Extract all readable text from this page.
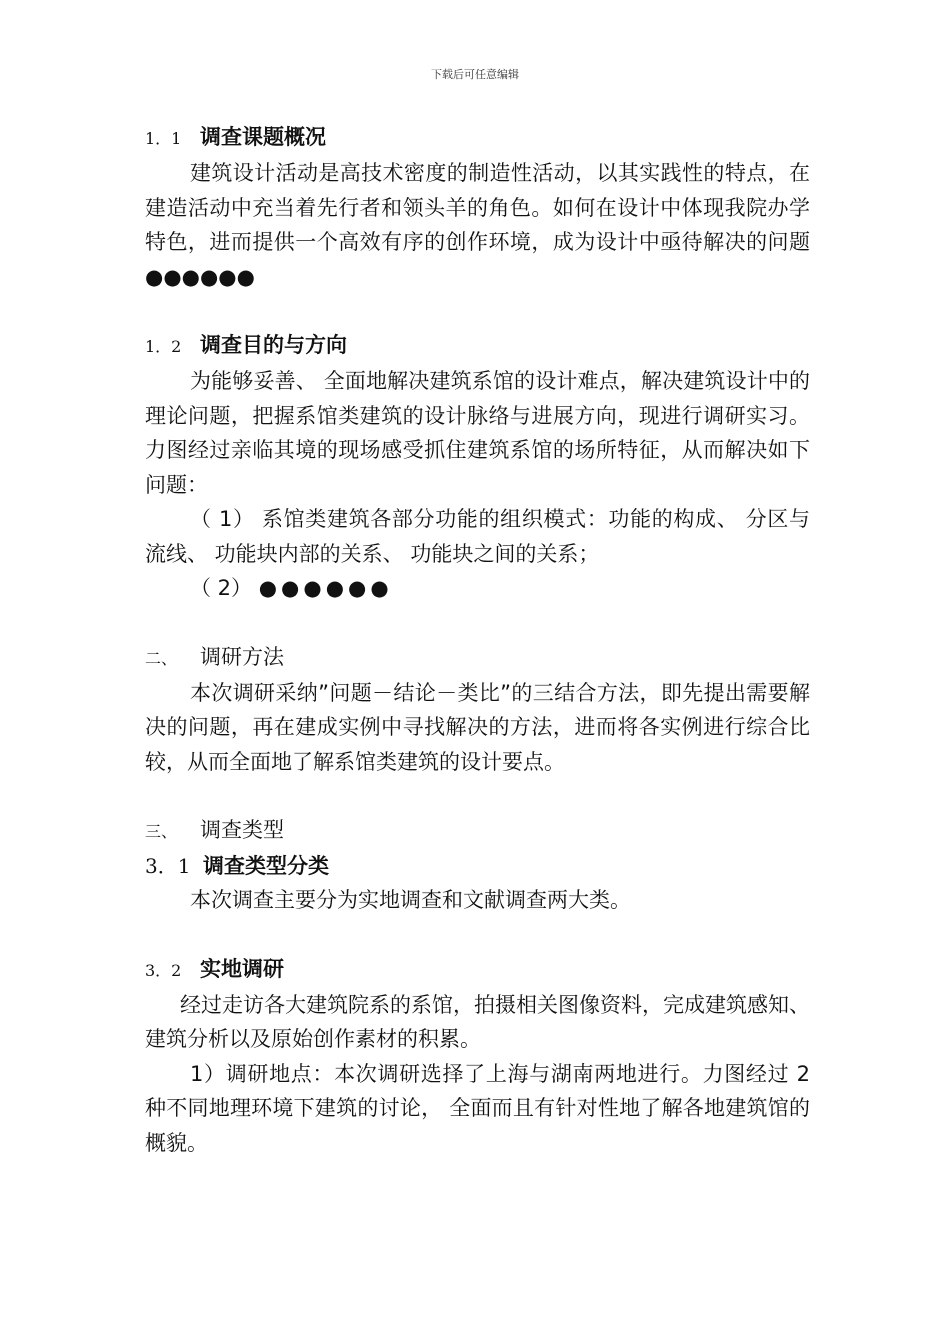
下载后可任意编辑
1．1 调查课题概况

建筑设计活动是高技术密度的制造性活动，以其实践性的特点，在建造活动中充当着先行者和领头羊的角色。如何在设计中体现我院办学特色，进而提供一个高效有序的创作环境，成为设计中亟待解决的问题●●●●●●

1．2 调查目的与方向

为能够妥善、 全面地解决建筑系馆的设计难点，解决建筑设计中的理论问题，把握系馆类建筑的设计脉络与进展方向，现进行调研实习。力图经过亲临其境的现场感受抓住建筑系馆的场所特征，从而解决如下问题：

（ 1） 系馆类建筑各部分功能的组织模式：功能的构成、 分区与流线、 功能块内部的关系、 功能块之间的关系；

（ 2） ●●●●●●

二、 调研方法

本次调研采纳”问题－结论－类比”的三结合方法，即先提出需要解决的问题，再在建成实例中寻找解决的方法，进而将各实例进行综合比较，从而全面地了解系馆类建筑的设计要点。

三、 调查类型
3．1 调查类型分类

本次调查主要分为实地调查和文献调查两大类。

3．2 实地调研

经过走访各大建筑院系的系馆，拍摄相关图像资料，完成建筑感知、 建筑分析以及原始创作素材的积累。

1）调研地点：本次调研选择了上海与湖南两地进行。力图经过 2 种不同地理环境下建筑的讨论， 全面而且有针对性地了解各地建筑馆的概貌。
